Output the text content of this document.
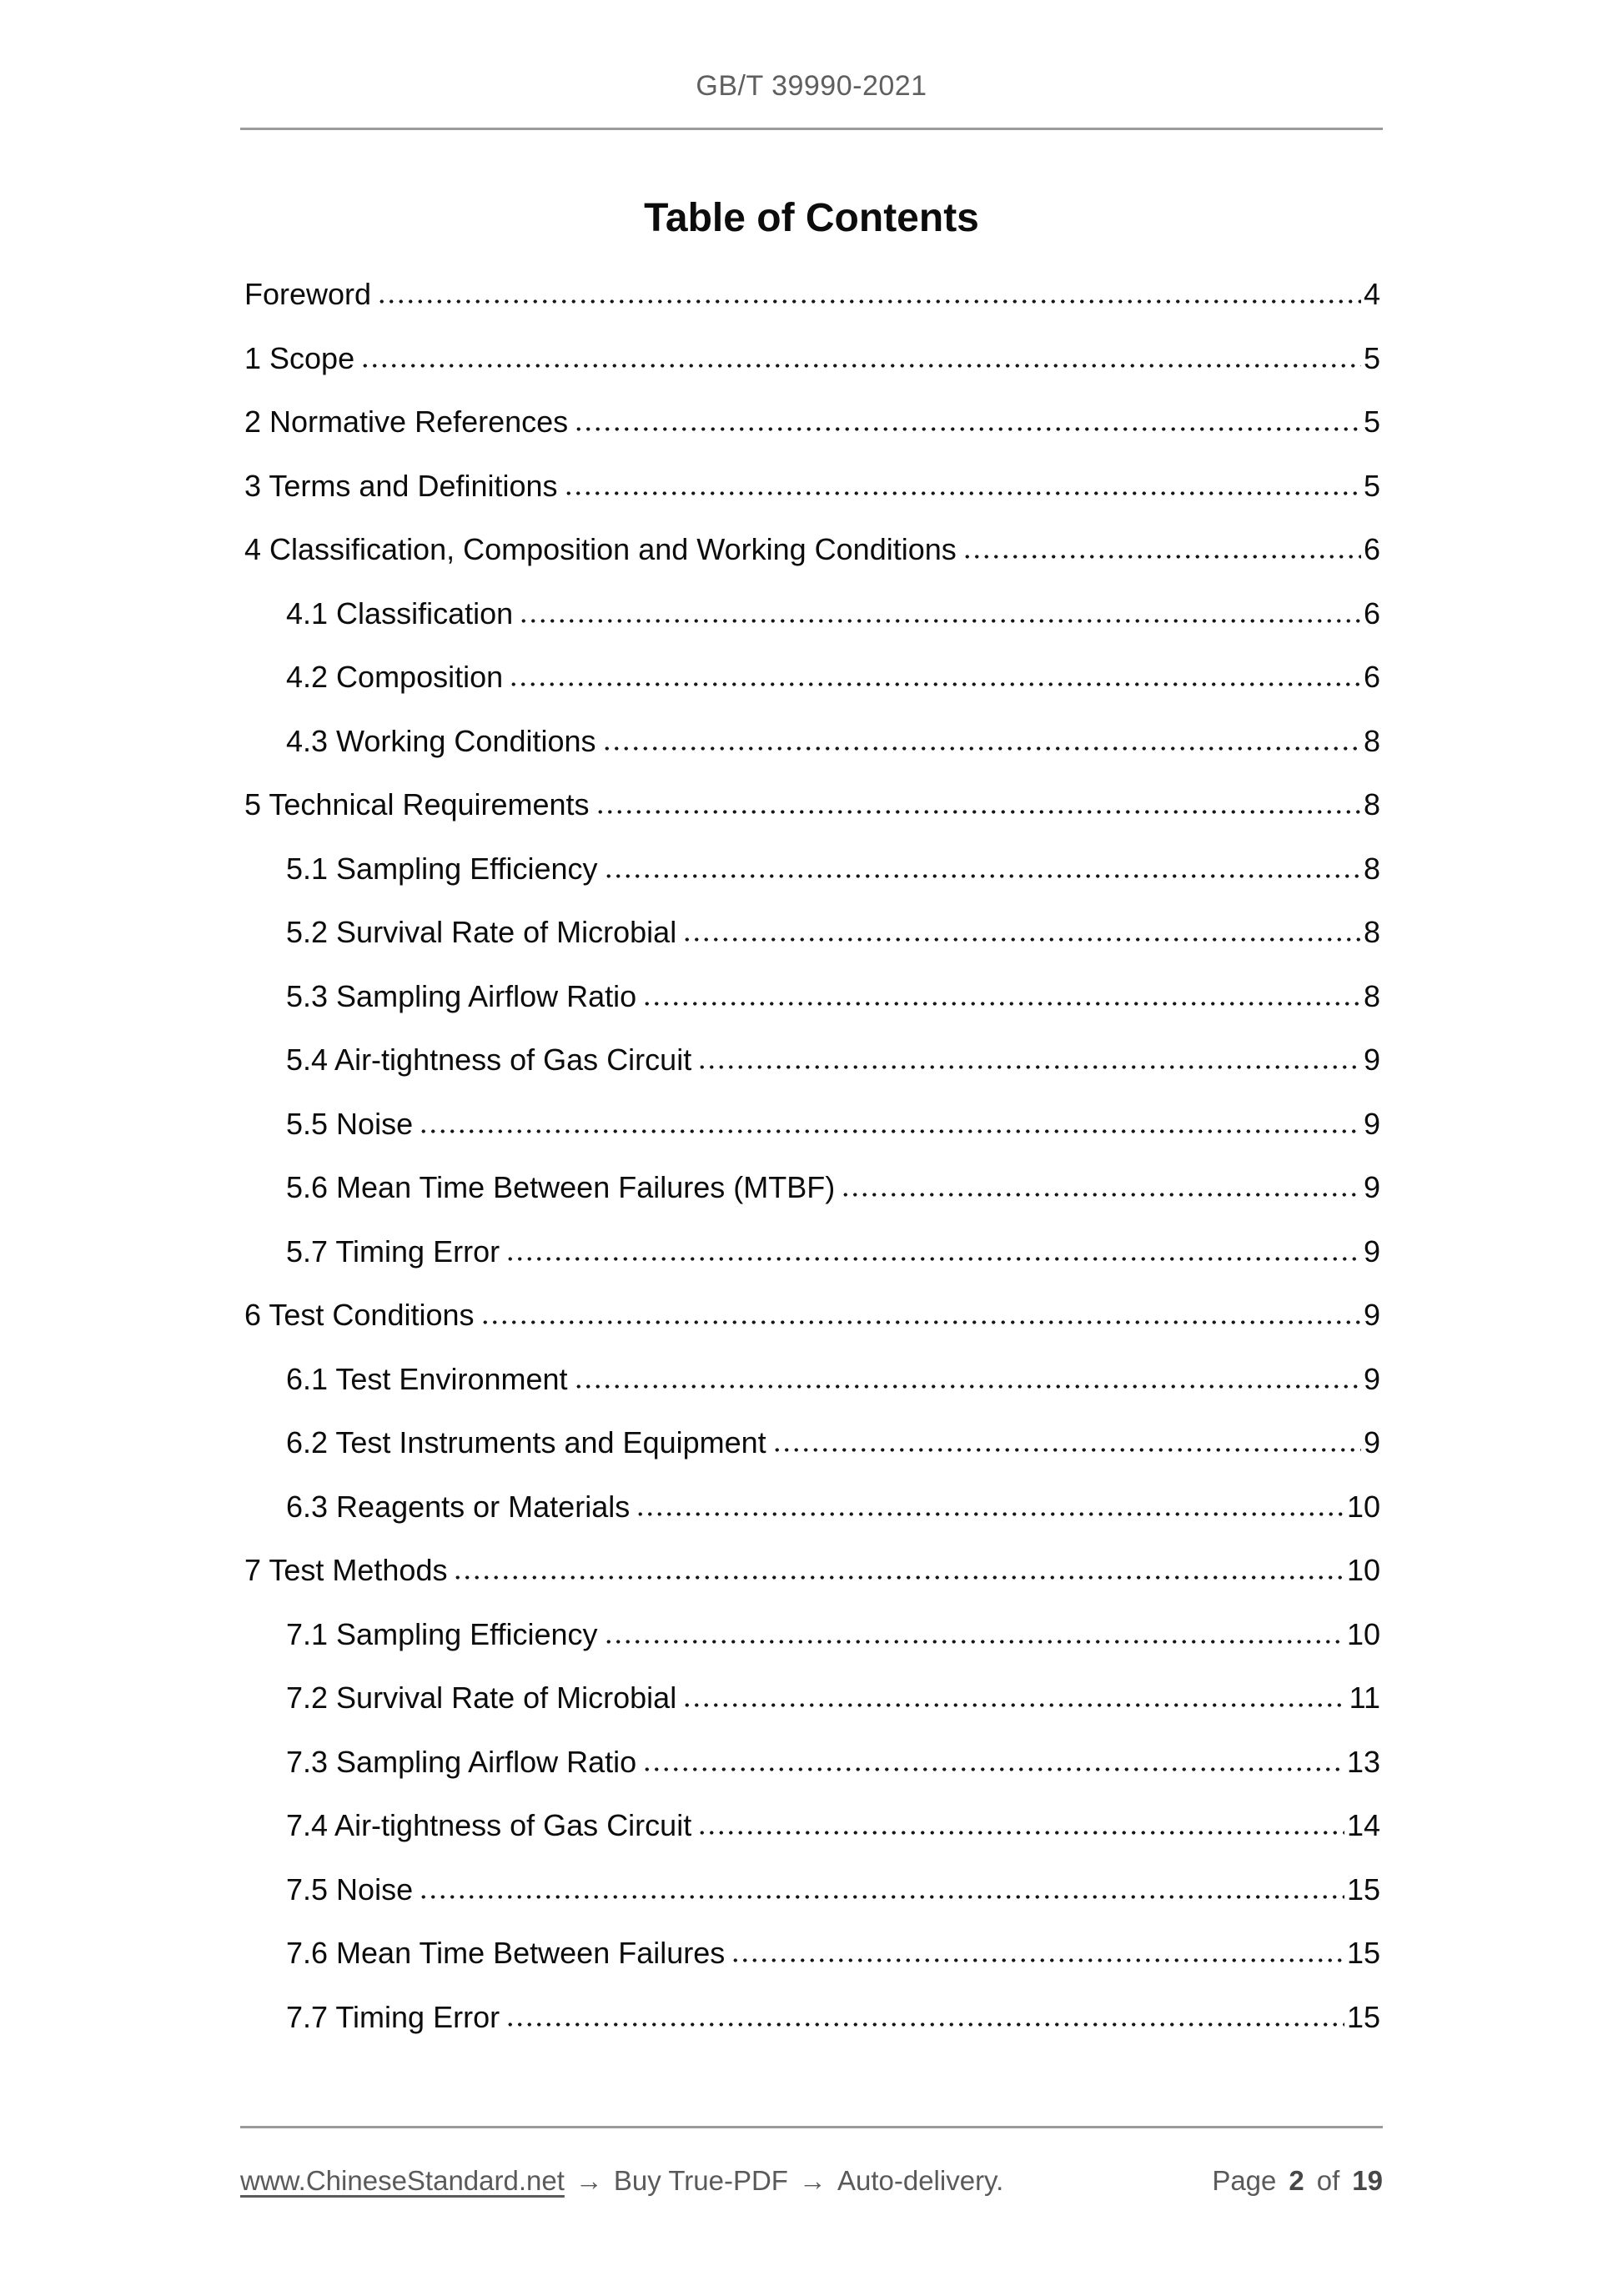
GB/T 39990-2021
Table of Contents
Foreword	4
1 Scope	5
2 Normative References	5
3 Terms and Definitions	5
4 Classification, Composition and Working Conditions	6
4.1 Classification	6
4.2 Composition	6
4.3 Working Conditions	8
5 Technical Requirements	8
5.1 Sampling Efficiency	8
5.2 Survival Rate of Microbial	8
5.3 Sampling Airflow Ratio	8
5.4 Air-tightness of Gas Circuit	9
5.5 Noise	9
5.6 Mean Time Between Failures (MTBF)	9
5.7 Timing Error	9
6 Test Conditions	9
6.1 Test Environment	9
6.2 Test Instruments and Equipment	9
6.3 Reagents or Materials	10
7 Test Methods	10
7.1 Sampling Efficiency	10
7.2 Survival Rate of Microbial	11
7.3 Sampling Airflow Ratio	13
7.4 Air-tightness of Gas Circuit	14
7.5 Noise	15
7.6 Mean Time Between Failures	15
7.7 Timing Error	15
www.ChineseStandard.net → Buy True-PDF → Auto-delivery.	Page 2 of 19
